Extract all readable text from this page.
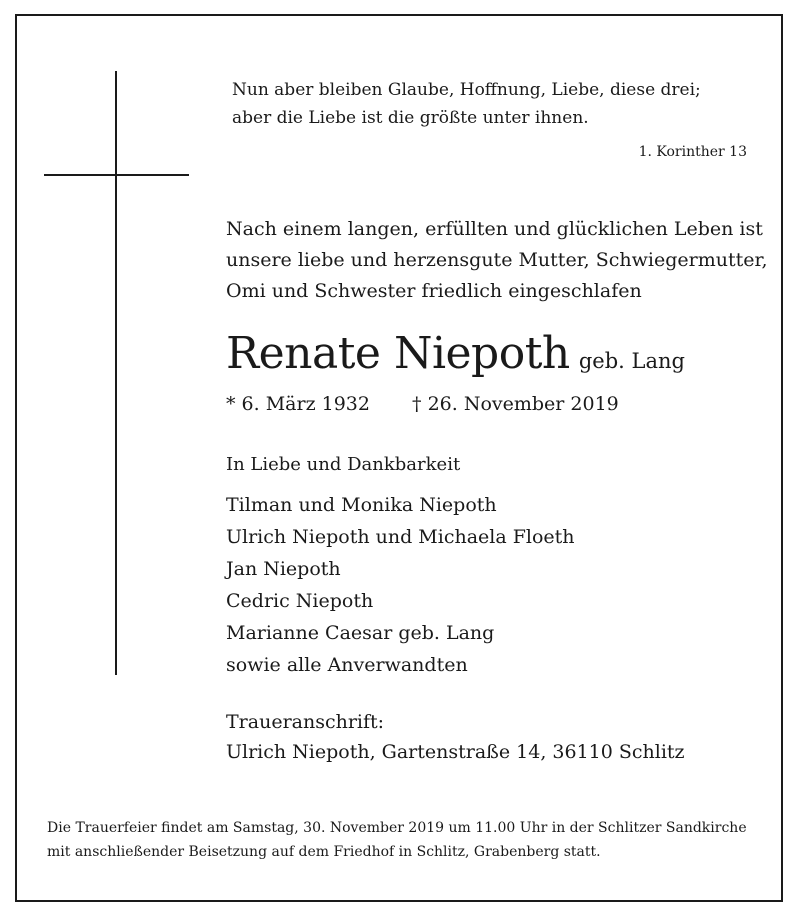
Nun aber bleiben Glaube, Hoffnung, Liebe, diese drei;
aber die Liebe ist die größte unter ihnen.
1. Korinther 13
Nach einem langen, erfüllten und glücklichen Leben ist
unsere liebe und herzensgute Mutter, Schwiegermutter,
Omi und Schwester friedlich eingeschlafen
Renate Niepoth geb. Lang
* 6. März 1932 † 26. November 2019
In Liebe und Dankbarkeit
Tilman und Monika Niepoth
Ulrich Niepoth und Michaela Floeth
Jan Niepoth
Cedric Niepoth
Marianne Caesar geb. Lang
sowie alle Anverwandten
Traueranschrift:
Ulrich Niepoth, Gartenstraße 14, 36110 Schlitz
Die Trauerfeier findet am Samstag, 30. November 2019 um 11.00 Uhr in der Schlitzer Sandkirche
mit anschließender Beisetzung auf dem Friedhof in Schlitz, Grabenberg statt.
